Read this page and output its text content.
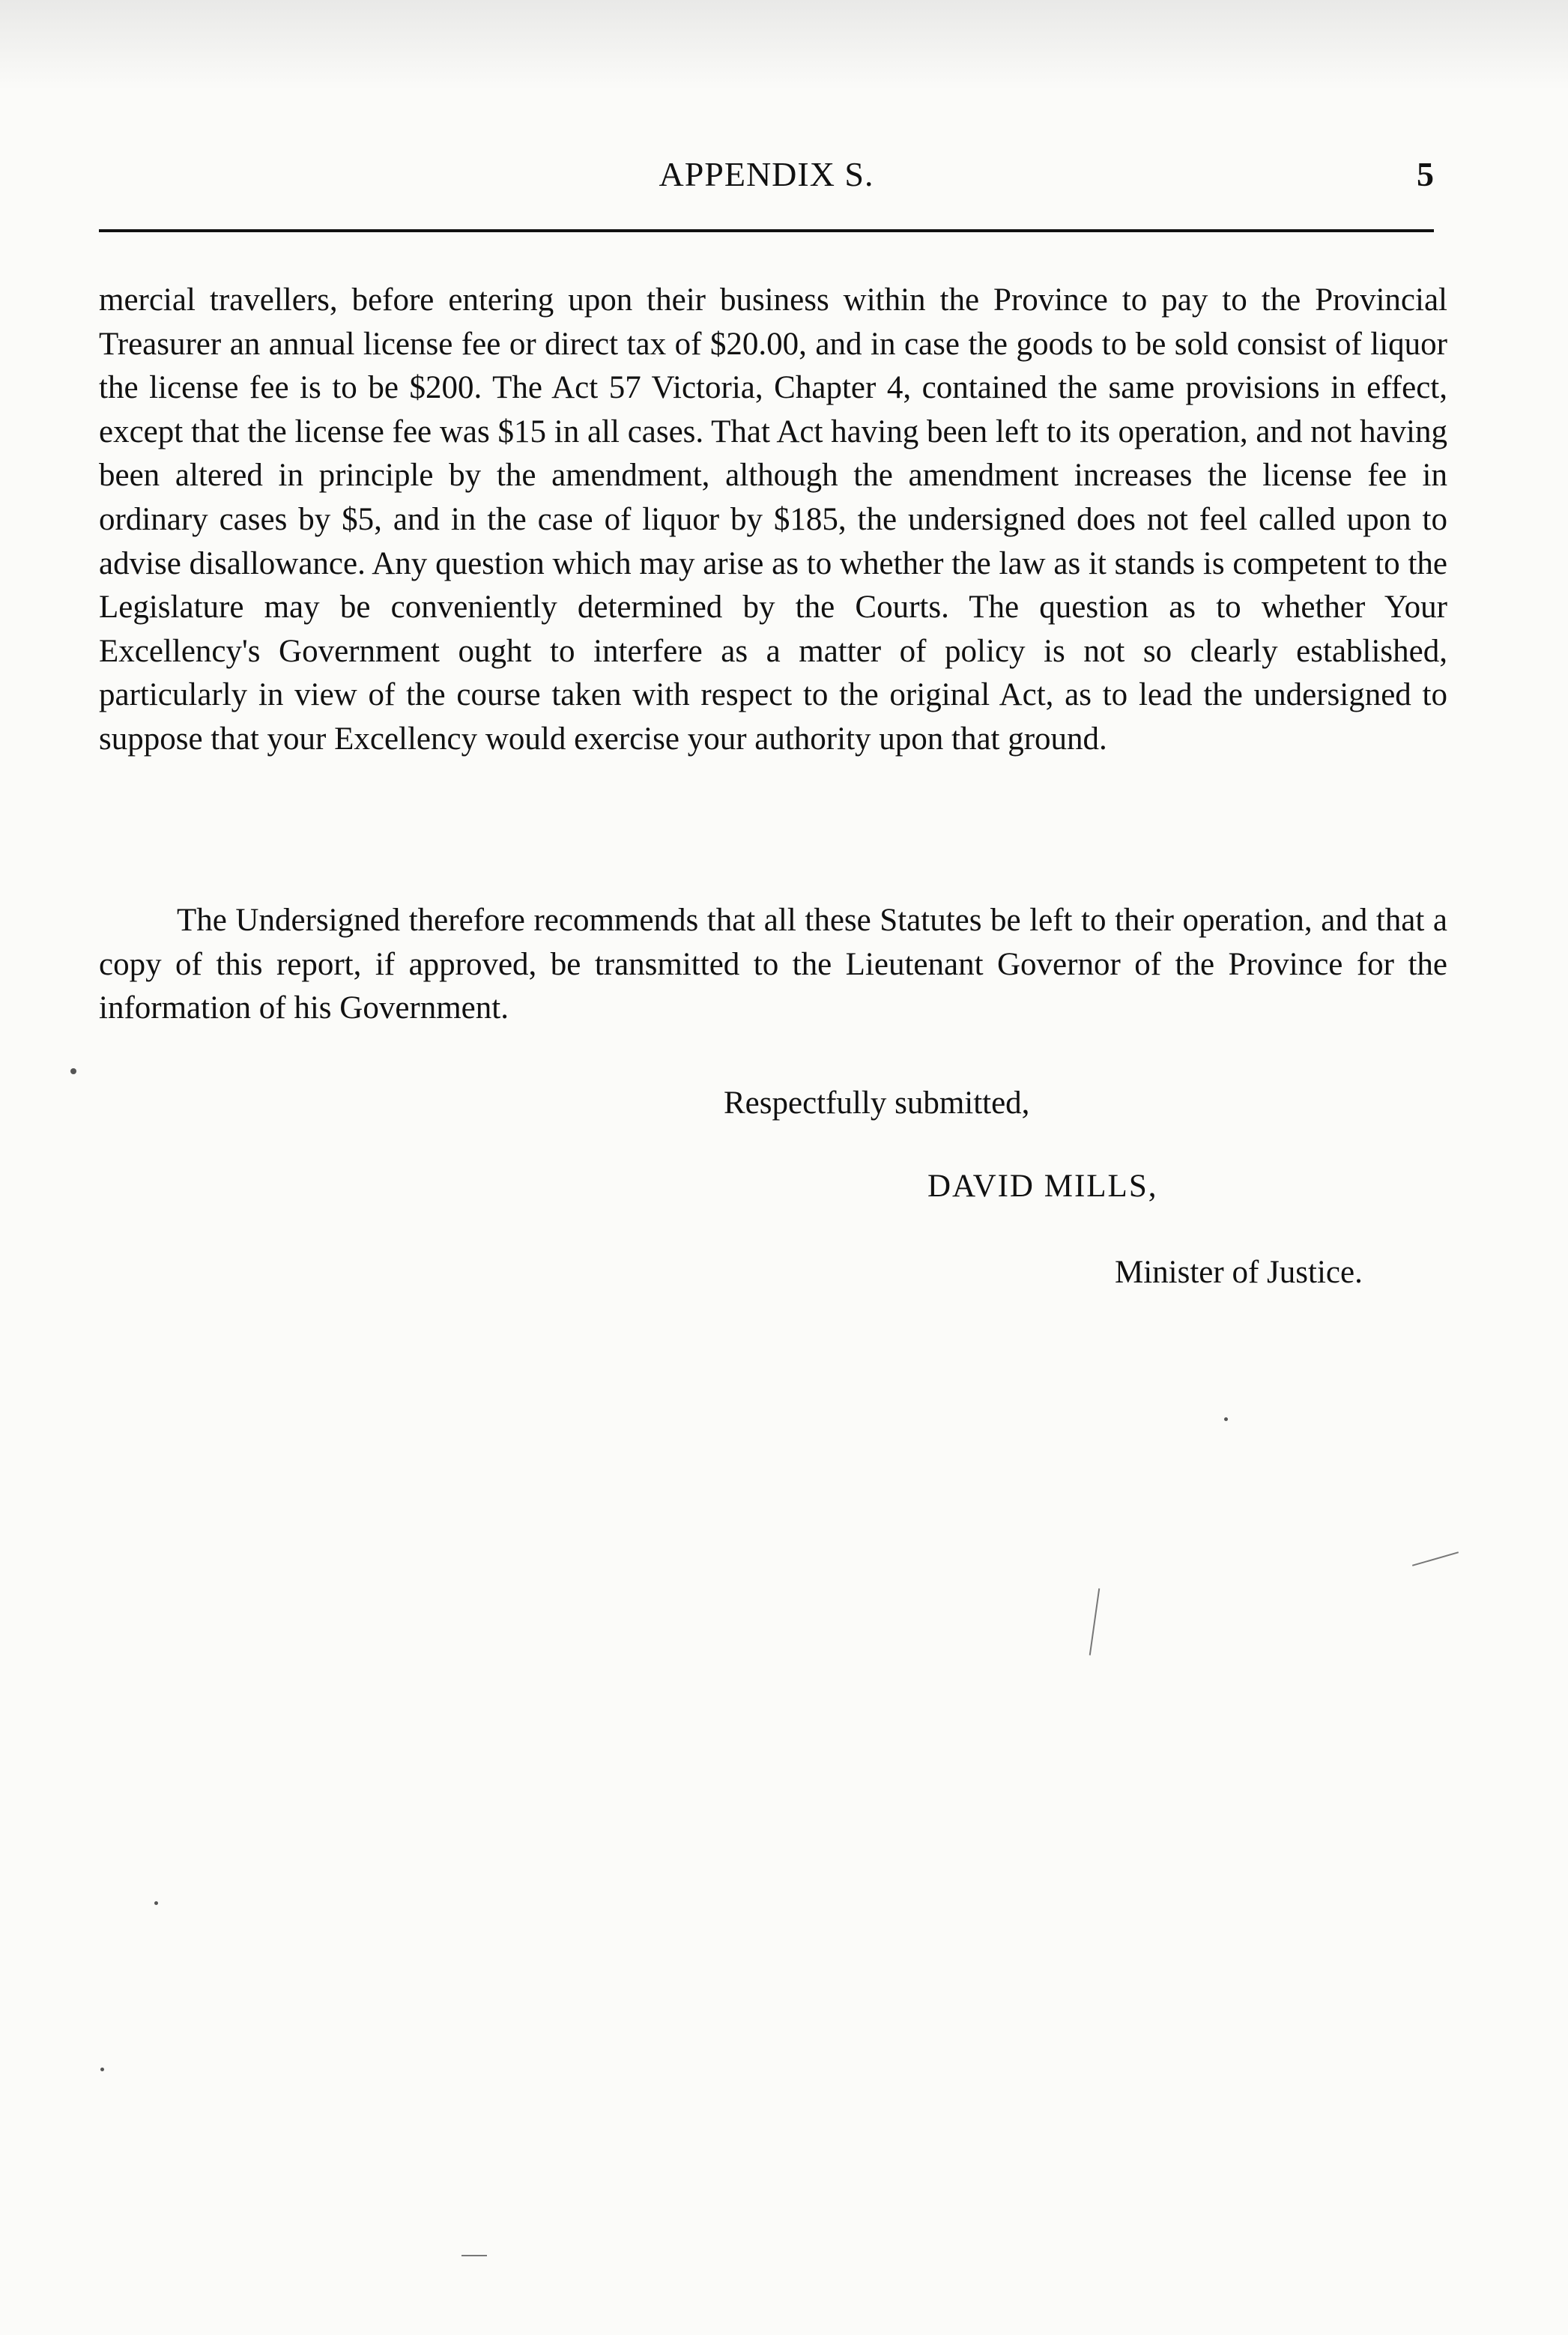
APPENDIX S.	5

mercial travellers, before entering upon their business within the Province to pay to the Provincial Treasurer an annual license fee or direct tax of $20.00, and in case the goods to be sold consist of liquor the license fee is to be $200. The Act 57 Victoria, Chapter 4, contained the same provisions in effect, except that the license fee was $15 in all cases. That Act having been left to its operation, and not having been altered in principle by the amendment, although the amendment increases the license fee in ordinary cases by $5, and in the case of liquor by $185, the undersigned does not feel called upon to advise disallowance. Any question which may arise as to whether the law as it stands is competent to the Legislature may be conveniently determined by the Courts. The question as to whether Your Excellency's Government ought to interfere as a matter of policy is not so clearly established, particularly in view of the course taken with respect to the original Act, as to lead the undersigned to suppose that your Excellency would exercise your authority upon that ground.

The Undersigned therefore recommends that all these Statutes be left to their operation, and that a copy of this report, if approved, be transmitted to the Lieutenant Governor of the Province for the information of his Government.

Respectfully submitted,
DAVID MILLS,
Minister of Justice.
